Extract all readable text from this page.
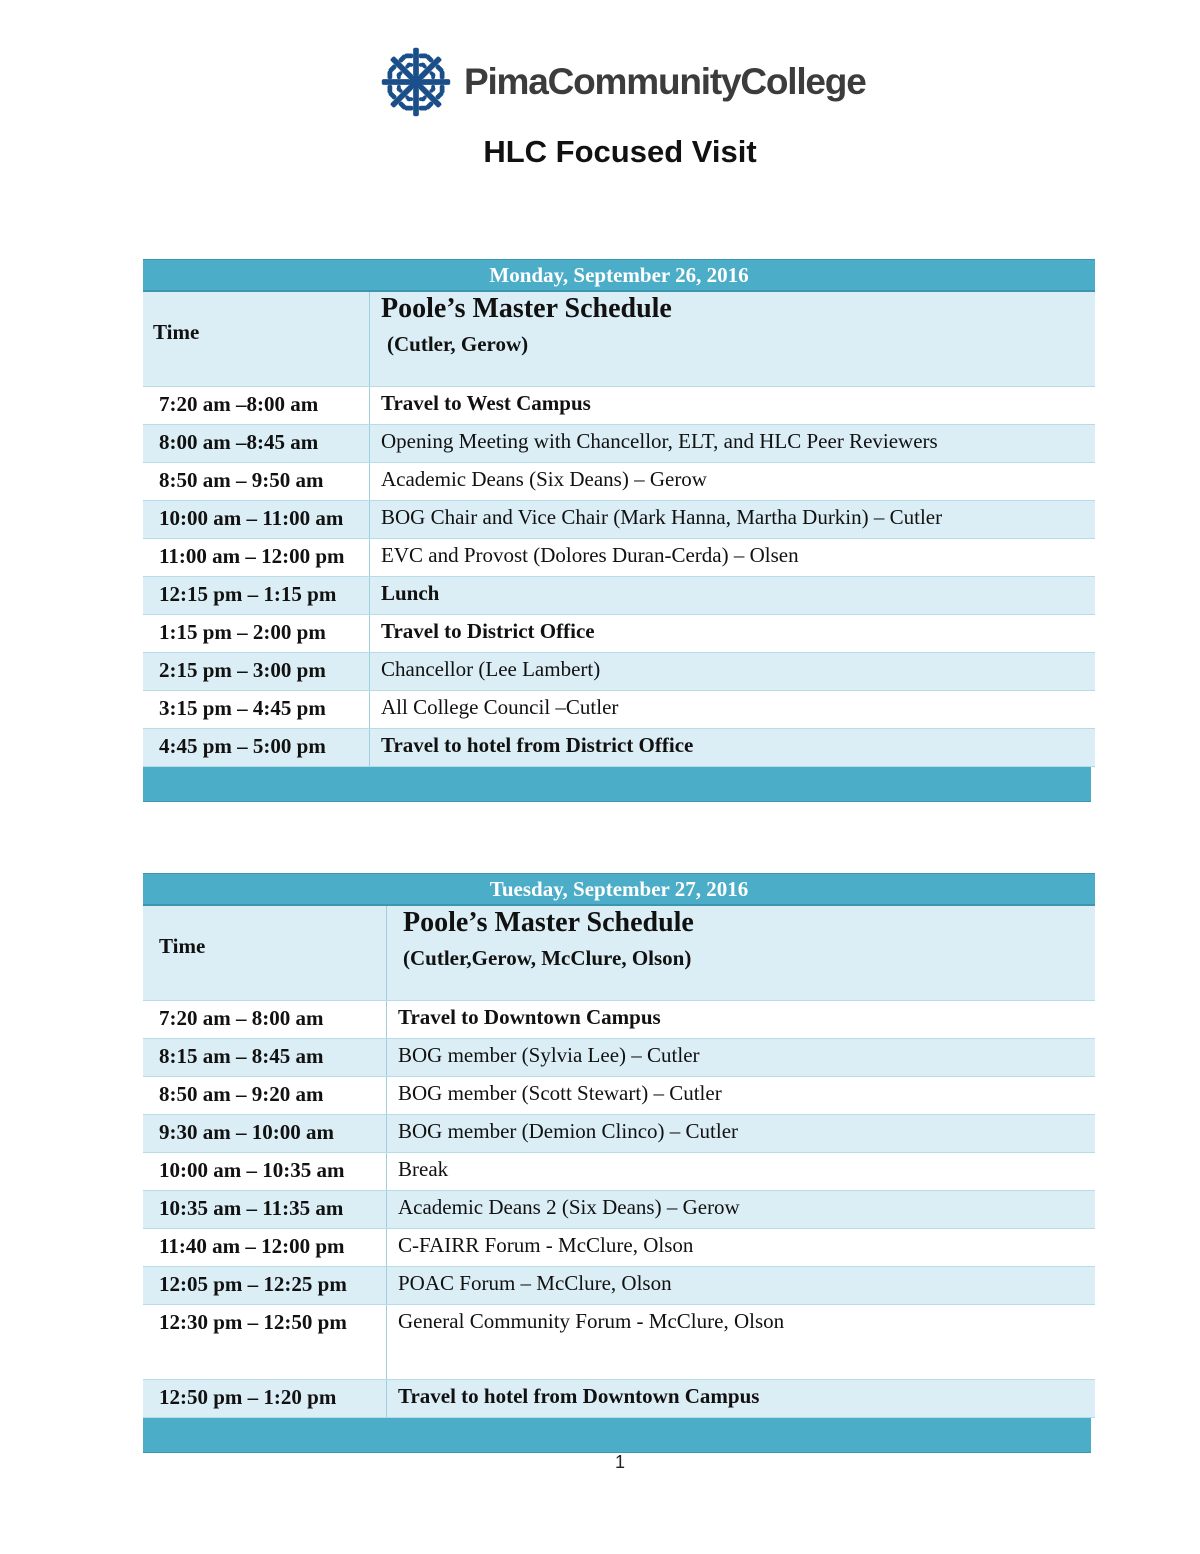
PimaCommunityCollege
HLC Focused Visit
Monday, September 26, 2016
Time
Poole’s Master Schedule
(Cutler, Gerow)
7:20 am –8:00 am	Travel to West Campus
8:00 am –8:45 am	Opening Meeting with Chancellor, ELT, and HLC Peer Reviewers
8:50 am – 9:50 am	Academic Deans (Six Deans) – Gerow
10:00 am – 11:00 am	BOG Chair and Vice Chair (Mark Hanna, Martha Durkin) – Cutler
11:00 am – 12:00 pm	EVC and Provost (Dolores Duran-Cerda) – Olsen
12:15 pm – 1:15 pm	Lunch
1:15 pm – 2:00 pm	Travel to District Office
2:15 pm – 3:00 pm	Chancellor (Lee Lambert)
3:15 pm – 4:45 pm	All College Council –Cutler
4:45 pm – 5:00 pm	Travel to hotel from District Office
Tuesday, September 27, 2016
Time
Poole’s Master Schedule
(Cutler,Gerow, McClure, Olson)
7:20 am – 8:00 am	Travel to Downtown Campus
8:15 am – 8:45 am	BOG member (Sylvia Lee) – Cutler
8:50 am – 9:20 am	BOG member (Scott Stewart) – Cutler
9:30 am – 10:00 am	BOG member (Demion Clinco) – Cutler
10:00 am – 10:35 am	Break
10:35 am – 11:35 am	Academic Deans 2 (Six Deans) – Gerow
11:40 am – 12:00 pm	C-FAIRR Forum - McClure, Olson
12:05 pm – 12:25 pm	POAC Forum – McClure, Olson
12:30 pm – 12:50 pm	General Community Forum - McClure, Olson
12:50 pm – 1:20 pm	Travel to hotel from Downtown Campus
1
